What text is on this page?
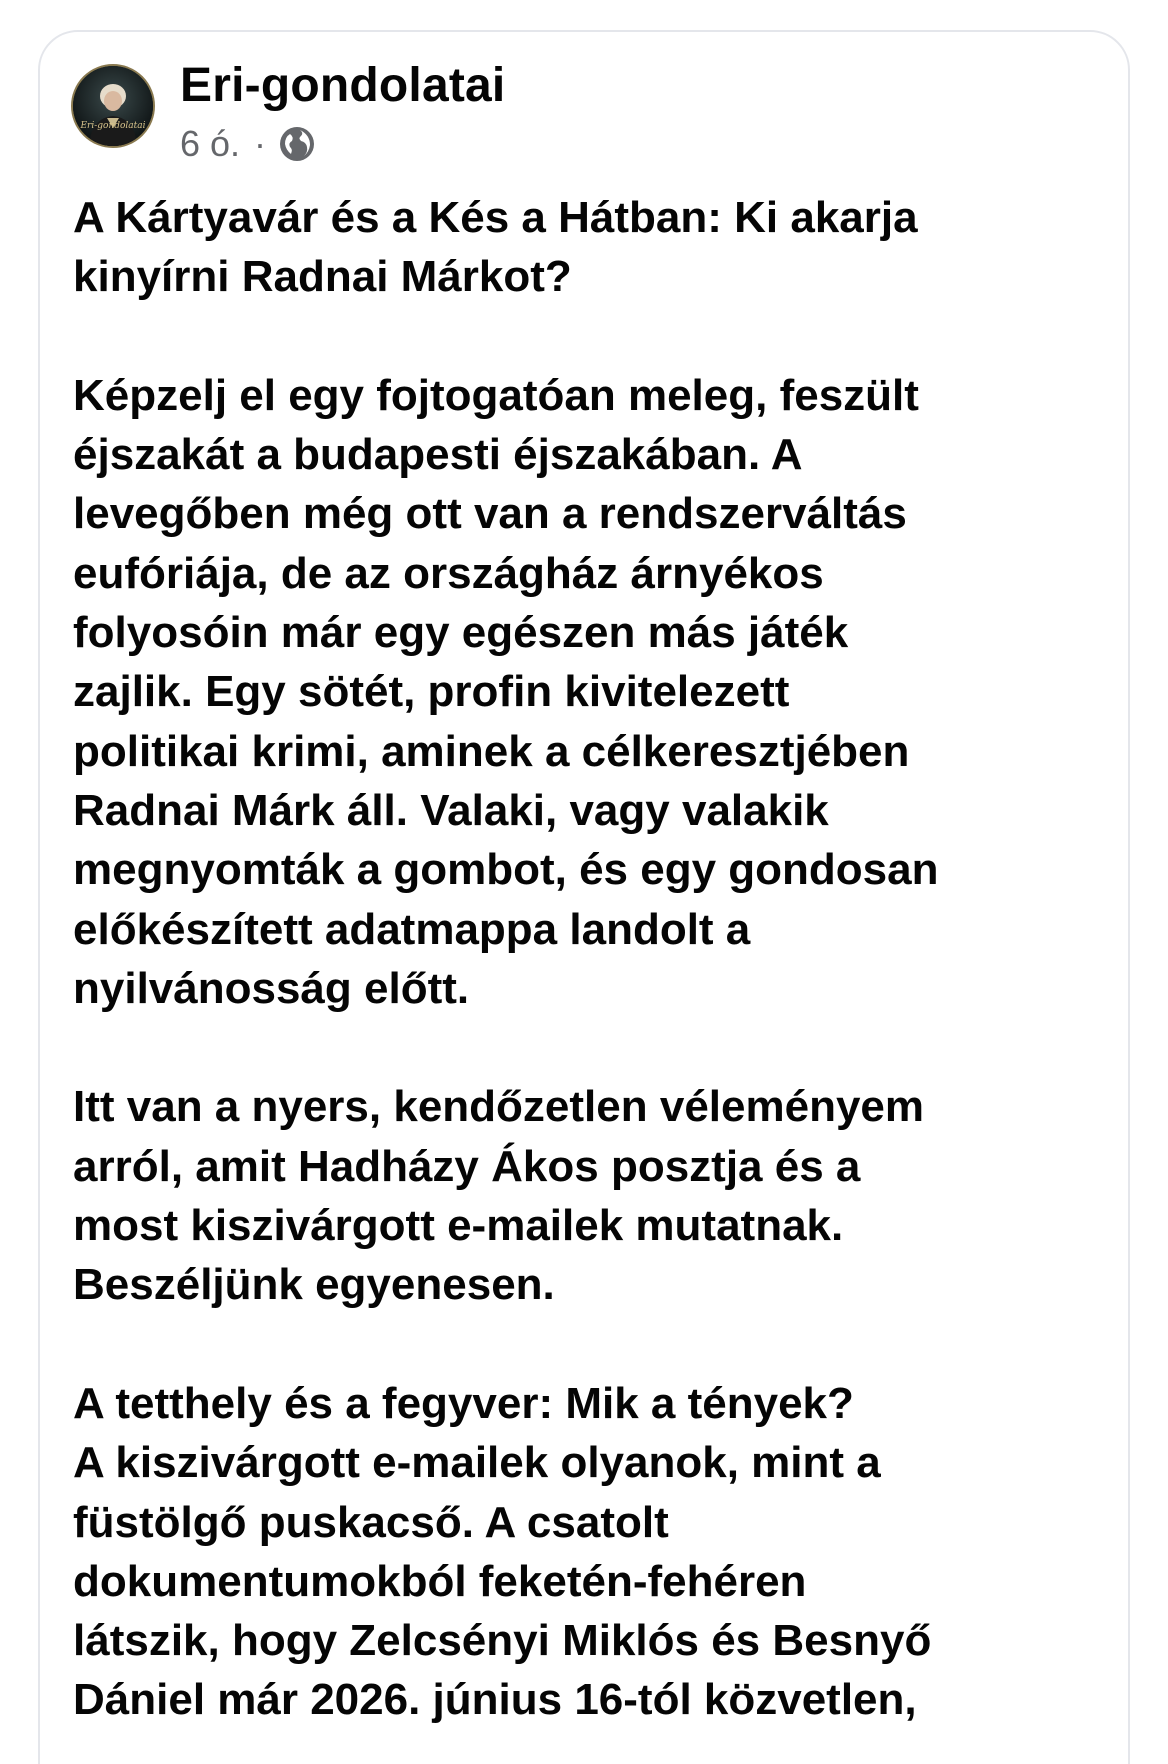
Eri-gondolatai
Eri-gondolatai
6 ó. ·

A Kártyavár és a Kés a Hátban: Ki akarja

kinyírni Radnai Márkot?

Képzelj el egy fojtogatóan meleg, feszült

éjszakát a budapesti éjszakában. A

levegőben még ott van a rendszerváltás

eufóriája, de az országház árnyékos

folyosóin már egy egészen más játék

zajlik. Egy sötét, profin kivitelezett

politikai krimi, aminek a célkeresztjében

Radnai Márk áll. Valaki, vagy valakik

megnyomták a gombot, és egy gondosan

előkészített adatmappa landolt a

nyilvánosság előtt.

Itt van a nyers, kendőzetlen véleményem

arról, amit Hadházy Ákos posztja és a

most kiszivárgott e-mailek mutatnak.

Beszéljünk egyenesen.

A tetthely és a fegyver: Mik a tények?

A kiszivárgott e-mailek olyanok, mint a

füstölgő puskacső. A csatolt

dokumentumokból feketén-fehéren

látszik, hogy Zelcsényi Miklós és Besnyő

Dániel már 2026. június 16-tól közvetlen,
